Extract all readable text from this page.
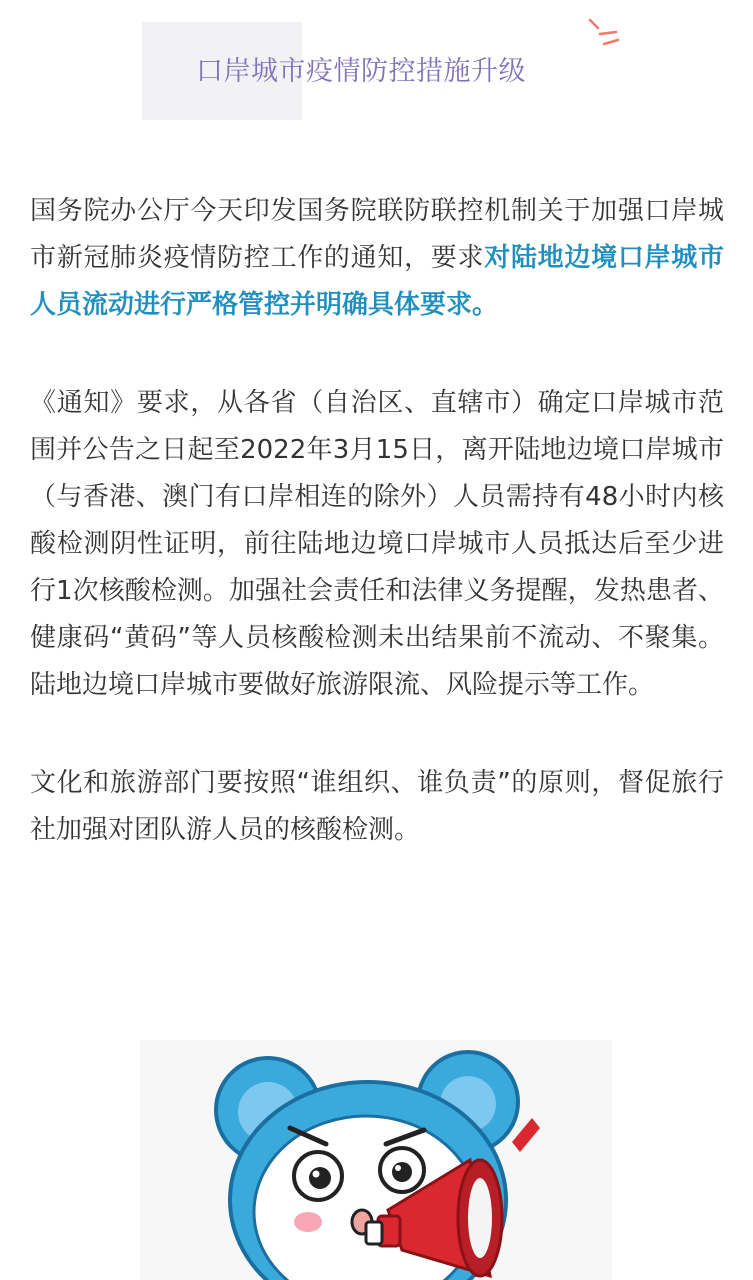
口岸城市疫情防控措施升级

国务院办公厅今天印发国务院联防联控机制关于加强口岸城市新冠肺炎疫情防控工作的通知，要求对陆地边境口岸城市人员流动进行严格管控并明确具体要求。

《通知》要求，从各省（自治区、直辖市）确定口岸城市范围并公告之日起至2022年3月15日，离开陆地边境口岸城市（与香港、澳门有口岸相连的除外）人员需持有48小时内核酸检测阴性证明，前往陆地边境口岸城市人员抵达后至少进行1次核酸检测。加强社会责任和法律义务提醒，发热患者、健康码“黄码”等人员核酸检测未出结果前不流动、不聚集。陆地边境口岸城市要做好旅游限流、风险提示等工作。

文化和旅游部门要按照“谁组织、谁负责”的原则，督促旅行社加强对团队游人员的核酸检测。
